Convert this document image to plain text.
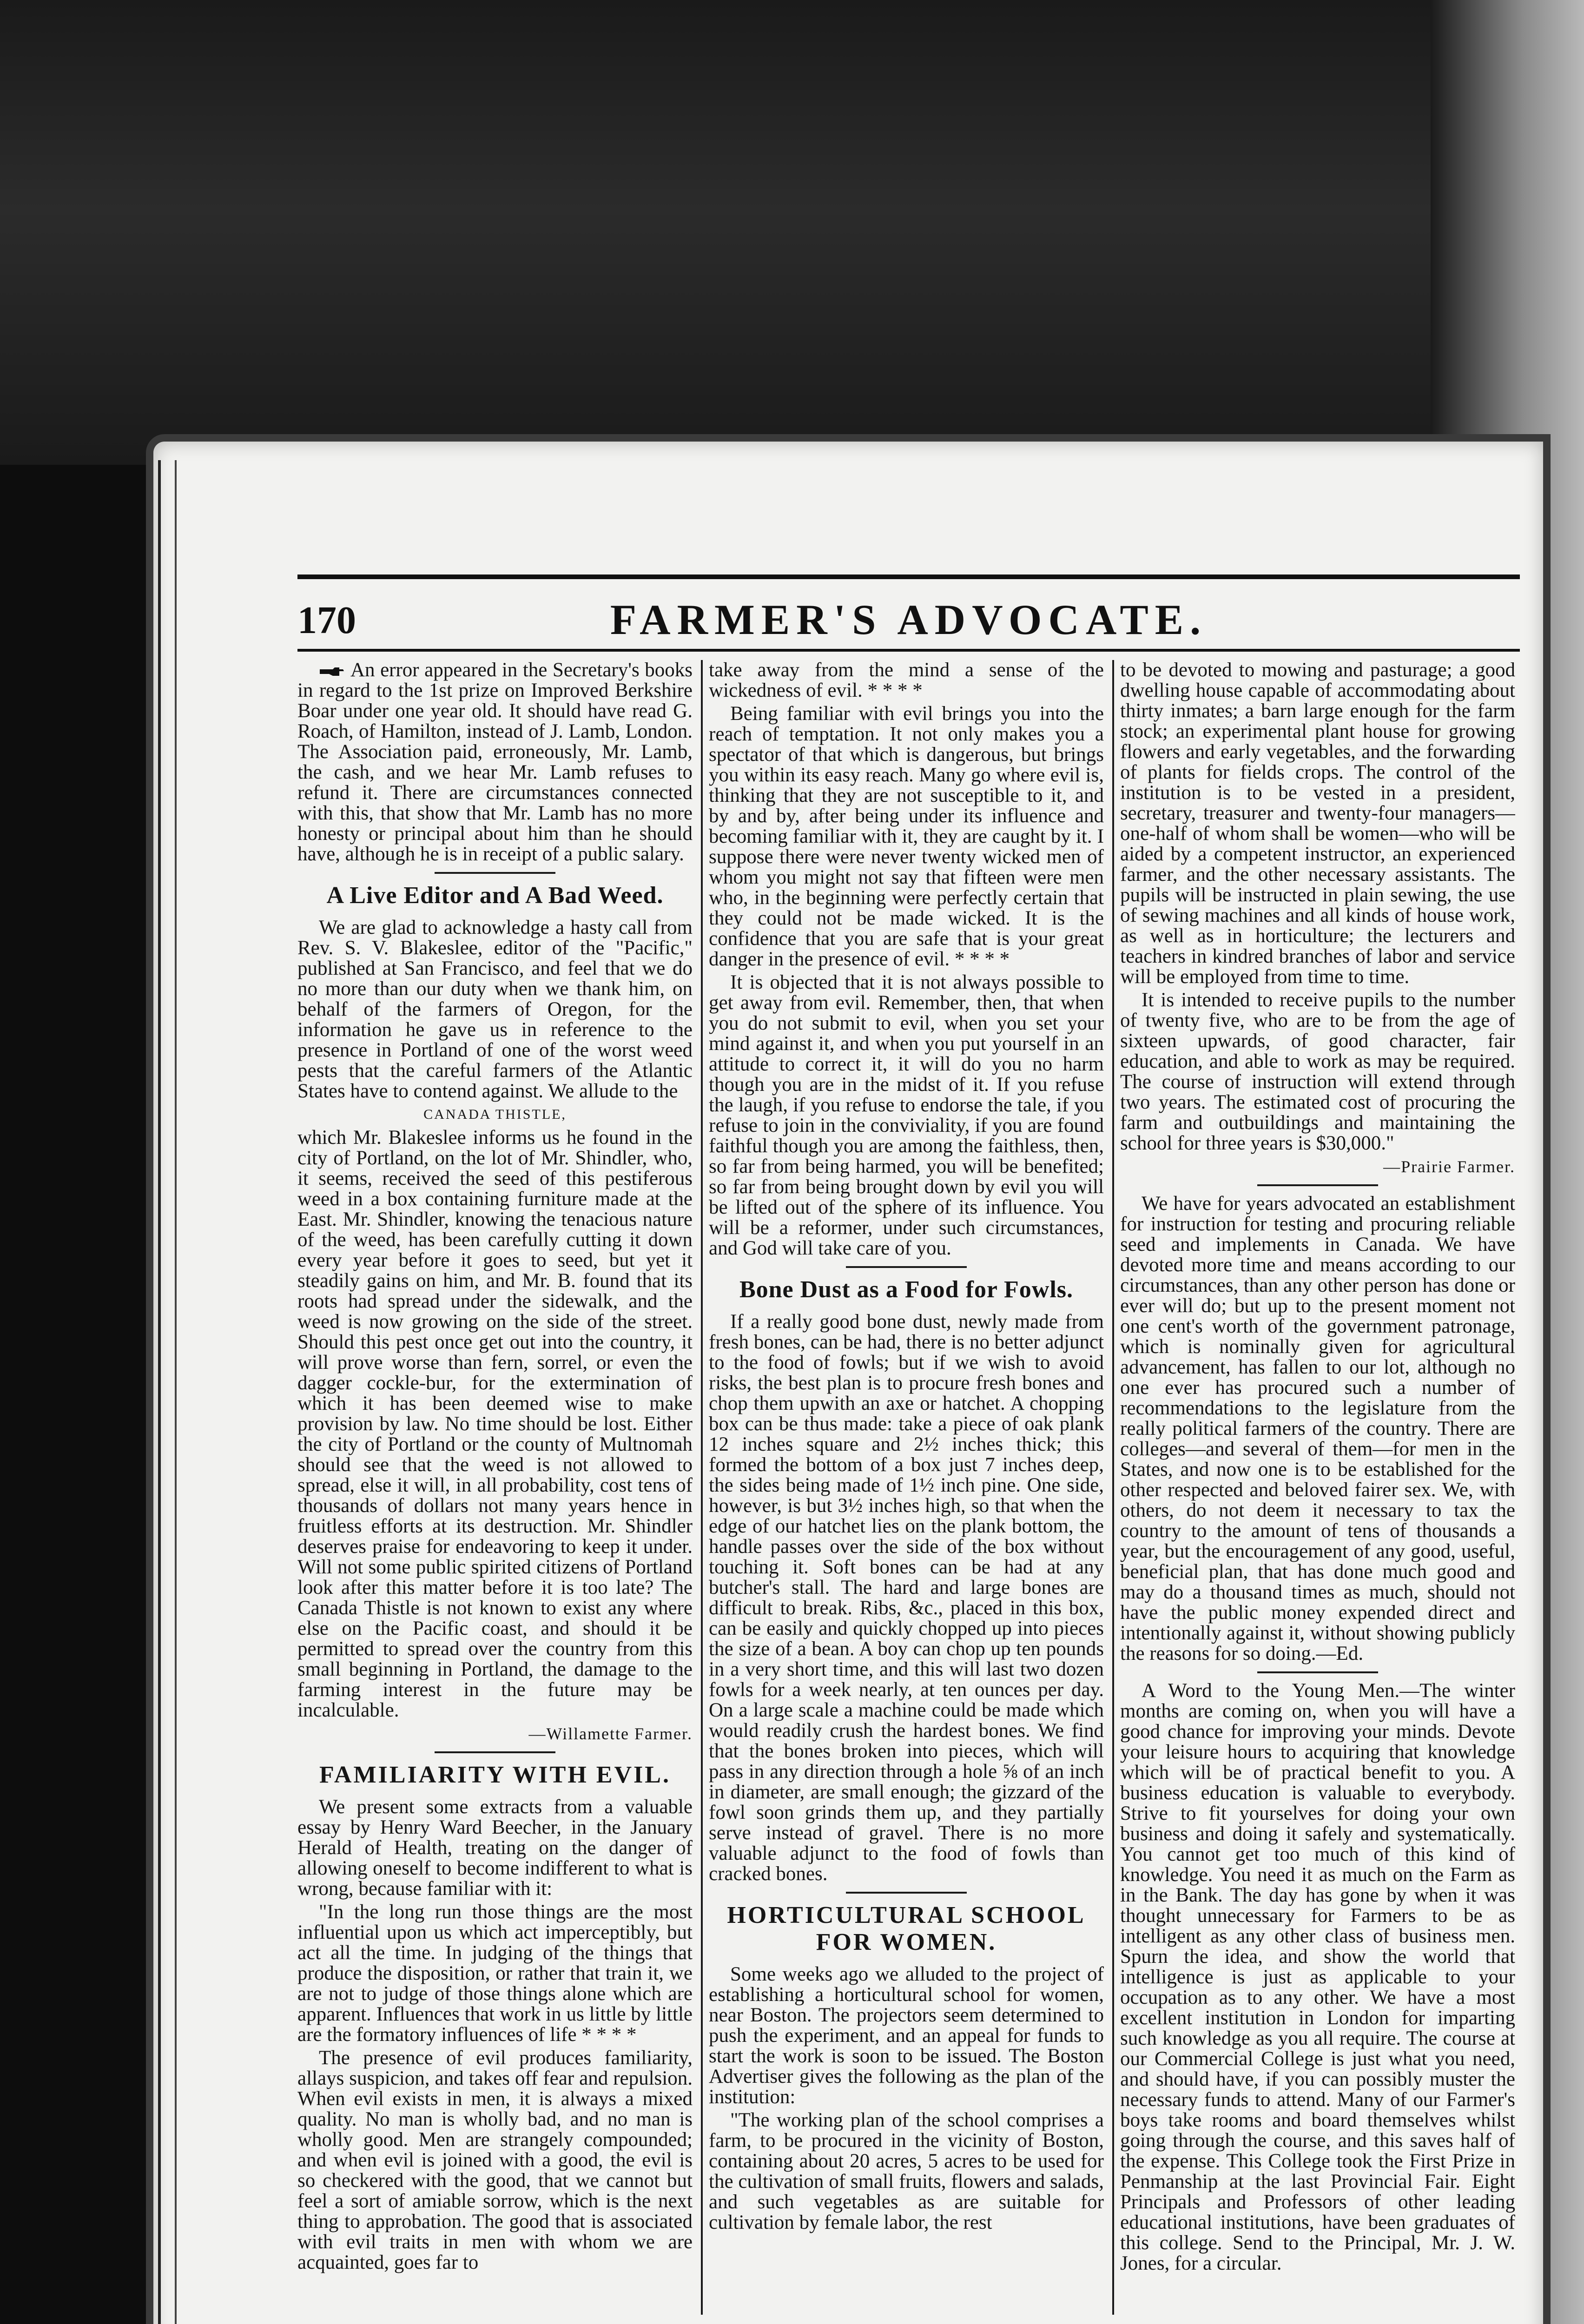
170	FARMER'S ADVOCATE.

An error appeared in the Secretary's books in regard to the 1st prize on Improved Berkshire Boar under one year old. It should have read G. Roach, of Hamilton, instead of J. Lamb, London. The Association paid, erroneously, Mr. Lamb, the cash, and we hear Mr. Lamb refuses to refund it. There are circumstances connected with this, that show that Mr. Lamb has no more honesty or principal about him than he should have, although he is in receipt of a public salary.

A Live Editor and A Bad Weed.

We are glad to acknowledge a hasty call from Rev. S. V. Blakeslee, editor of the "Pacific," published at San Francisco, and feel that we do no more than our duty when we thank him, on behalf of the farmers of Oregon, for the information he gave us in reference to the presence in Portland of one of the worst weed pests that the careful farmers of the Atlantic States have to contend against. We allude to the

CANADA THISTLE,

which Mr. Blakeslee informs us he found in the city of Portland, on the lot of Mr. Shindler, who, it seems, received the seed of this pestiferous weed in a box containing furniture made at the East. Mr. Shindler, knowing the tenacious nature of the weed, has been carefully cutting it down every year before it goes to seed, but yet it steadily gains on him, and Mr. B. found that its roots had spread under the sidewalk, and the weed is now growing on the side of the street. Should this pest once get out into the country, it will prove worse than fern, sorrel, or even the dagger cockle-bur, for the extermination of which it has been deemed wise to make provision by law. No time should be lost. Either the city of Portland or the county of Multnomah should see that the weed is not allowed to spread, else it will, in all probability, cost tens of thousands of dollars not many years hence in fruitless efforts at its destruction. Mr. Shindler deserves praise for endeavoring to keep it under. Will not some public spirited citizens of Portland look after this matter before it is too late? The Canada Thistle is not known to exist any where else on the Pacific coast, and should it be permitted to spread over the country from this small beginning in Portland, the damage to the farming interest in the future may be incalculable.

—Willamette Farmer.
FAMILIARITY WITH EVIL.

We present some extracts from a valuable essay by Henry Ward Beecher, in the January Herald of Health, treating on the danger of allowing oneself to become indifferent to what is wrong, because familiar with it:

"In the long run those things are the most influential upon us which act imperceptibly, but act all the time. In judging of the things that produce the disposition, or rather that train it, we are not to judge of those things alone which are apparent. Influences that work in us little by little are the formatory influences of life * * * *

The presence of evil produces familiarity, allays suspicion, and takes off fear and repulsion. When evil exists in men, it is always a mixed quality. No man is wholly bad, and no man is wholly good. Men are strangely compounded; and when evil is joined with a good, the evil is so checkered with the good, that we cannot but feel a sort of amiable sorrow, which is the next thing to approbation. The good that is associated with evil traits in men with whom we are acquainted, goes far to

take away from the mind a sense of the wickedness of evil. * * * *

Being familiar with evil brings you into the reach of temptation. It not only makes you a spectator of that which is dangerous, but brings you within its easy reach. Many go where evil is, thinking that they are not susceptible to it, and by and by, after being under its influence and becoming familiar with it, they are caught by it. I suppose there were never twenty wicked men of whom you might not say that fifteen were men who, in the beginning were perfectly certain that they could not be made wicked. It is the confidence that you are safe that is your great danger in the presence of evil. * * * *

It is objected that it is not always possible to get away from evil. Remember, then, that when you do not submit to evil, when you set your mind against it, and when you put yourself in an attitude to correct it, it will do you no harm though you are in the midst of it. If you refuse the laugh, if you refuse to endorse the tale, if you refuse to join in the conviviality, if you are found faithful though you are among the faithless, then, so far from being harmed, you will be benefited; so far from being brought down by evil you will be lifted out of the sphere of its influence. You will be a reformer, under such circumstances, and God will take care of you.

Bone Dust as a Food for Fowls.

If a really good bone dust, newly made from fresh bones, can be had, there is no better adjunct to the food of fowls; but if we wish to avoid risks, the best plan is to procure fresh bones and chop them upwith an axe or hatchet. A chopping box can be thus made: take a piece of oak plank 12 inches square and 2½ inches thick; this formed the bottom of a box just 7 inches deep, the sides being made of 1½ inch pine. One side, however, is but 3½ inches high, so that when the edge of our hatchet lies on the plank bottom, the handle passes over the side of the box without touching it. Soft bones can be had at any butcher's stall. The hard and large bones are difficult to break. Ribs, &c., placed in this box, can be easily and quickly chopped up into pieces the size of a bean. A boy can chop up ten pounds in a very short time, and this will last two dozen fowls for a week nearly, at ten ounces per day. On a large scale a machine could be made which would readily crush the hardest bones. We find that the bones broken into pieces, which will pass in any direction through a hole ⅝ of an inch in diameter, are small enough; the gizzard of the fowl soon grinds them up, and they partially serve instead of gravel. There is no more valuable adjunct to the food of fowls than cracked bones.

HORTICULTURAL SCHOOL FOR WOMEN.

Some weeks ago we alluded to the project of establishing a horticultural school for women, near Boston. The projectors seem determined to push the experiment, and an appeal for funds to start the work is soon to be issued. The Boston Advertiser gives the following as the plan of the institution:

"The working plan of the school comprises a farm, to be procured in the vicinity of Boston, containing about 20 acres, 5 acres to be used for the cultivation of small fruits, flowers and salads, and such vegetables as are suitable for cultivation by female labor, the rest

to be devoted to mowing and pasturage; a good dwelling house capable of accommodating about thirty inmates; a barn large enough for the farm stock; an experimental plant house for growing flowers and early vegetables, and the forwarding of plants for fields crops. The control of the institution is to be vested in a president, secretary, treasurer and twenty-four managers—one-half of whom shall be women—who will be aided by a competent instructor, an experienced farmer, and the other necessary assistants. The pupils will be instructed in plain sewing, the use of sewing machines and all kinds of house work, as well as in horticulture; the lecturers and teachers in kindred branches of labor and service will be employed from time to time.

It is intended to receive pupils to the number of twenty five, who are to be from the age of sixteen upwards, of good character, fair education, and able to work as may be required. The course of instruction will extend through two years. The estimated cost of procuring the farm and outbuildings and maintaining the school for three years is $30,000."

—Prairie Farmer.

We have for years advocated an establishment for instruction for testing and procuring reliable seed and implements in Canada. We have devoted more time and means according to our circumstances, than any other person has done or ever will do; but up to the present moment not one cent's worth of the government patronage, which is nominally given for agricultural advancement, has fallen to our lot, although no one ever has procured such a number of recommendations to the legislature from the really political farmers of the country. There are colleges—and several of them—for men in the States, and now one is to be established for the other respected and beloved fairer sex. We, with others, do not deem it necessary to tax the country to the amount of tens of thousands a year, but the encouragement of any good, useful, beneficial plan, that has done much good and may do a thousand times as much, should not have the public money expended direct and intentionally against it, without showing publicly the reasons for so doing.—Ed.

A Word to the Young Men.—The winter months are coming on, when you will have a good chance for improving your minds. Devote your leisure hours to acquiring that knowledge which will be of practical benefit to you. A business education is valuable to everybody. Strive to fit yourselves for doing your own business and doing it safely and systematically. You cannot get too much of this kind of knowledge. You need it as much on the Farm as in the Bank. The day has gone by when it was thought unnecessary for Farmers to be as intelligent as any other class of business men. Spurn the idea, and show the world that intelligence is just as applicable to your occupation as to any other. We have a most excellent institution in London for imparting such knowledge as you all require. The course at our Commercial College is just what you need, and should have, if you can possibly muster the necessary funds to attend. Many of our Farmer's boys take rooms and board themselves whilst going through the course, and this saves half of the expense. This College took the First Prize in Penmanship at the last Provincial Fair. Eight Principals and Professors of other leading educational institutions, have been graduates of this college. Send to the Principal, Mr. J. W. Jones, for a circular.
